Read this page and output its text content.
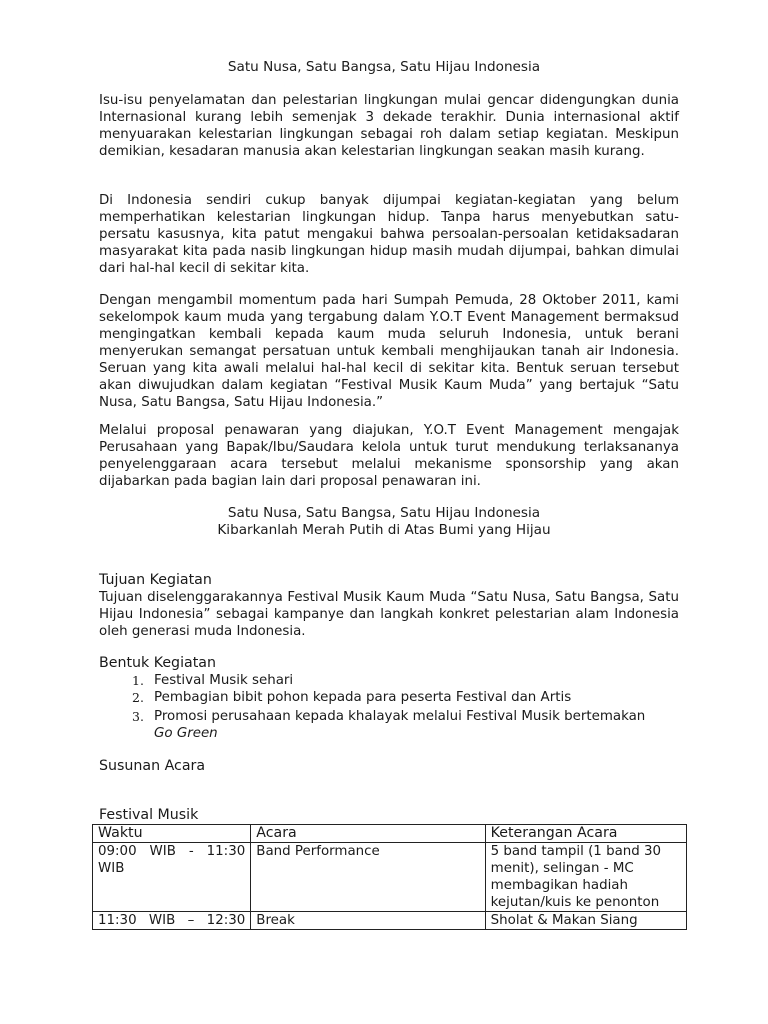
Satu Nusa, Satu Bangsa, Satu Hijau Indonesia

Isu-isu penyelamatan dan pelestarian lingkungan mulai gencar didengungkan dunia Internasional kurang lebih semenjak 3 dekade terakhir. Dunia internasional aktif menyuarakan kelestarian lingkungan sebagai roh dalam setiap kegiatan. Meskipun demikian, kesadaran manusia akan kelestarian lingkungan seakan masih kurang.

Di Indonesia sendiri cukup banyak dijumpai kegiatan-kegiatan yang belum memperhatikan kelestarian lingkungan hidup. Tanpa harus menyebutkan satu-persatu kasusnya, kita patut mengakui bahwa persoalan-persoalan ketidaksadaran masyarakat kita pada nasib lingkungan hidup masih mudah dijumpai, bahkan dimulai dari hal-hal kecil di sekitar kita.

Dengan mengambil momentum pada hari Sumpah Pemuda, 28 Oktober 2011, kami sekelompok kaum muda yang tergabung dalam Y.O.T Event Management bermaksud mengingatkan kembali kepada kaum muda seluruh Indonesia, untuk berani menyerukan semangat persatuan untuk kembali menghijaukan tanah air Indonesia. Seruan yang kita awali melalui hal-hal kecil di sekitar kita. Bentuk seruan tersebut akan diwujudkan dalam kegiatan “Festival Musik Kaum Muda” yang bertajuk “Satu Nusa, Satu Bangsa, Satu Hijau Indonesia.”

Melalui proposal penawaran yang diajukan, Y.O.T Event Management mengajak Perusahaan yang Bapak/Ibu/Saudara kelola untuk turut mendukung terlaksananya penyelenggaraan acara tersebut melalui mekanisme sponsorship yang akan dijabarkan pada bagian lain dari proposal penawaran ini.

Satu Nusa, Satu Bangsa, Satu Hijau Indonesia
Kibarkanlah Merah Putih di Atas Bumi yang Hijau
Tujuan Kegiatan

Tujuan diselenggarakannya Festival Musik Kaum Muda “Satu Nusa, Satu Bangsa, Satu Hijau Indonesia” sebagai kampanye dan langkah konkret pelestarian alam Indonesia oleh generasi muda Indonesia.

Bentuk Kegiatan
1. Festival Musik sehari
2. Pembagian bibit pohon kepada para peserta Festival dan Artis
3. Promosi perusahaan kepada khalayak melalui Festival Musik bertemakan
Go Green
Susunan Acara
Festival Musik
Waktu	Acara	Keterangan Acara

09:00 WIB - 11:30
WIB	Band Performance	5 band tampil (1 band 30 menit), selingan - MC membagikan hadiah kejutan/kuis ke penonton

11:30 WIB – 12:30	Break	Sholat & Makan Siang
